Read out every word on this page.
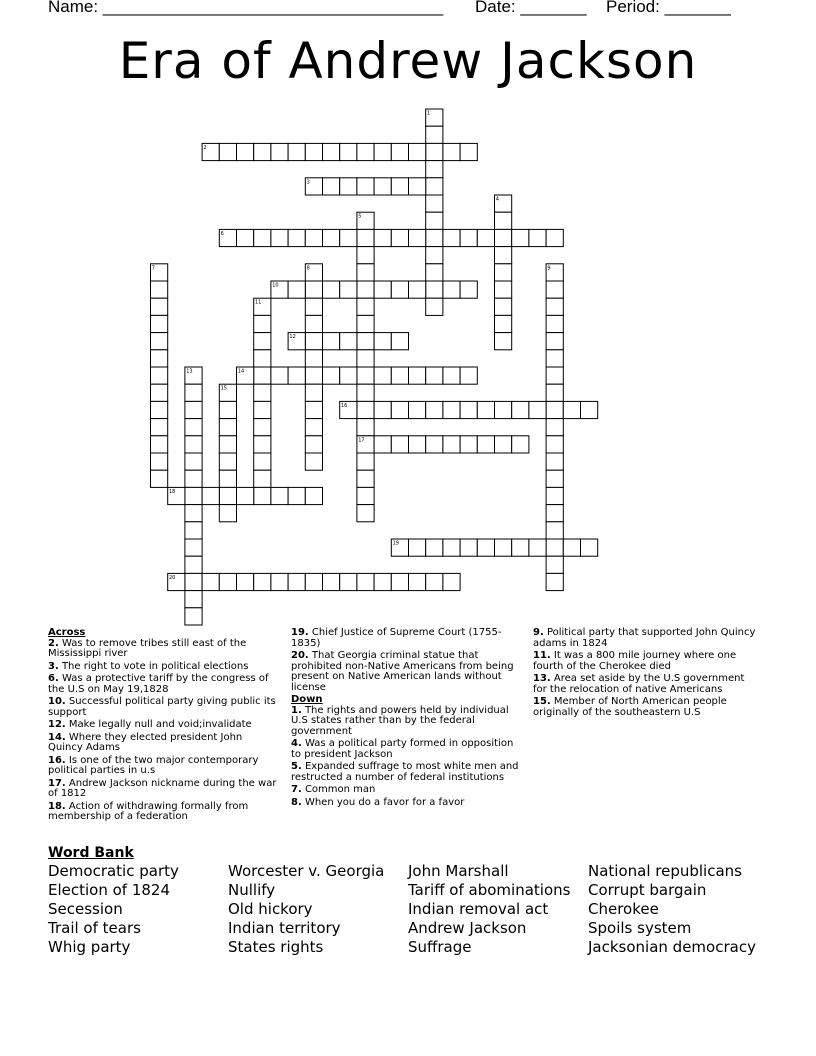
Name: ____________________________________ Date: _______ Period: _______
Era of Andrew Jackson
1
2
3
4
5
6
7	8	9
10
11
12
13	14
15
16
17
18
19
20
Across
2. Was to remove tribes still east of the Mississippi river
3. The right to vote in political elections
6. Was a protective tariff by the congress of the U.S on May 19,1828
10. Successful political party giving public its support
12. Make legally null and void;invalidate
14. Where they elected president John Quincy Adams
16. Is one of the two major contemporary political parties in u.s
17. Andrew Jackson nickname during the war of 1812
18. Action of withdrawing formally from membership of a federation
19. Chief Justice of Supreme Court (1755-1835)
20. That Georgia criminal statue that prohibited non-Native Americans from being present on Native American lands without license
Down
1. The rights and powers held by individual U.S states rather than by the federal government
4. Was a political party formed in opposition to president Jackson
5. Expanded suffrage to most white men and restructed a number of federal institutions
7. Common man
8. When you do a favor for a favor
9. Political party that supported John Quincy adams in 1824
11. It was a 800 mile journey where one fourth of the Cherokee died
13. Area set aside by the U.S government for the relocation of native Americans
15. Member of North American people originally of the southeastern U.S
Word Bank
Democratic party
Election of 1824
Secession
Trail of tears
Whig party
Worcester v. Georgia
Nullify
Old hickory
Indian territory
States rights
John Marshall
Tariff of abominations
Indian removal act
Andrew Jackson
Suffrage
National republicans
Corrupt bargain
Cherokee
Spoils system
Jacksonian democracy
